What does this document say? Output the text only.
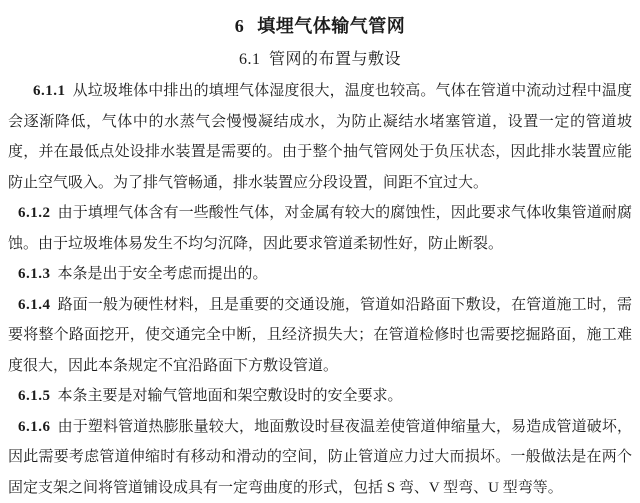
6 填埋气体输气管网
6.1 管网的布置与敷设

6.1.1 从垃圾堆体中排出的填埋气体湿度很大，温度也较高。气体在管道中流动过程中温度会逐渐降低，气体中的水蒸气会慢慢凝结成水，为防止凝结水堵塞管道，设置一定的管道坡度，并在最低点处设排水装置是需要的。由于整个抽气管网处于负压状态，因此排水装置应能防止空气吸入。为了排气管畅通，排水装置应分段设置，间距不宜过大。

6.1.2 由于填埋气体含有一些酸性气体，对金属有较大的腐蚀性，因此要求气体收集管道耐腐蚀。由于垃圾堆体易发生不均匀沉降，因此要求管道柔韧性好，防止断裂。

6.1.3 本条是出于安全考虑而提出的。

6.1.4 路面一般为硬性材料，且是重要的交通设施，管道如沿路面下敷设，在管道施工时，需要将整个路面挖开，使交通完全中断，且经济损失大；在管道检修时也需要挖掘路面，施工难度很大，因此本条规定不宜沿路面下方敷设管道。

6.1.5 本条主要是对输气管地面和架空敷设时的安全要求。

6.1.6 由于塑料管道热膨胀量较大，地面敷设时昼夜温差使管道伸缩量大，易造成管道破坏，因此需要考虑管道伸缩时有移动和滑动的空间，防止管道应力过大而损坏。一般做法是在两个固定支架之间将管道铺设成具有一定弯曲度的形式，包括 S 弯、V 型弯、U 型弯等。
